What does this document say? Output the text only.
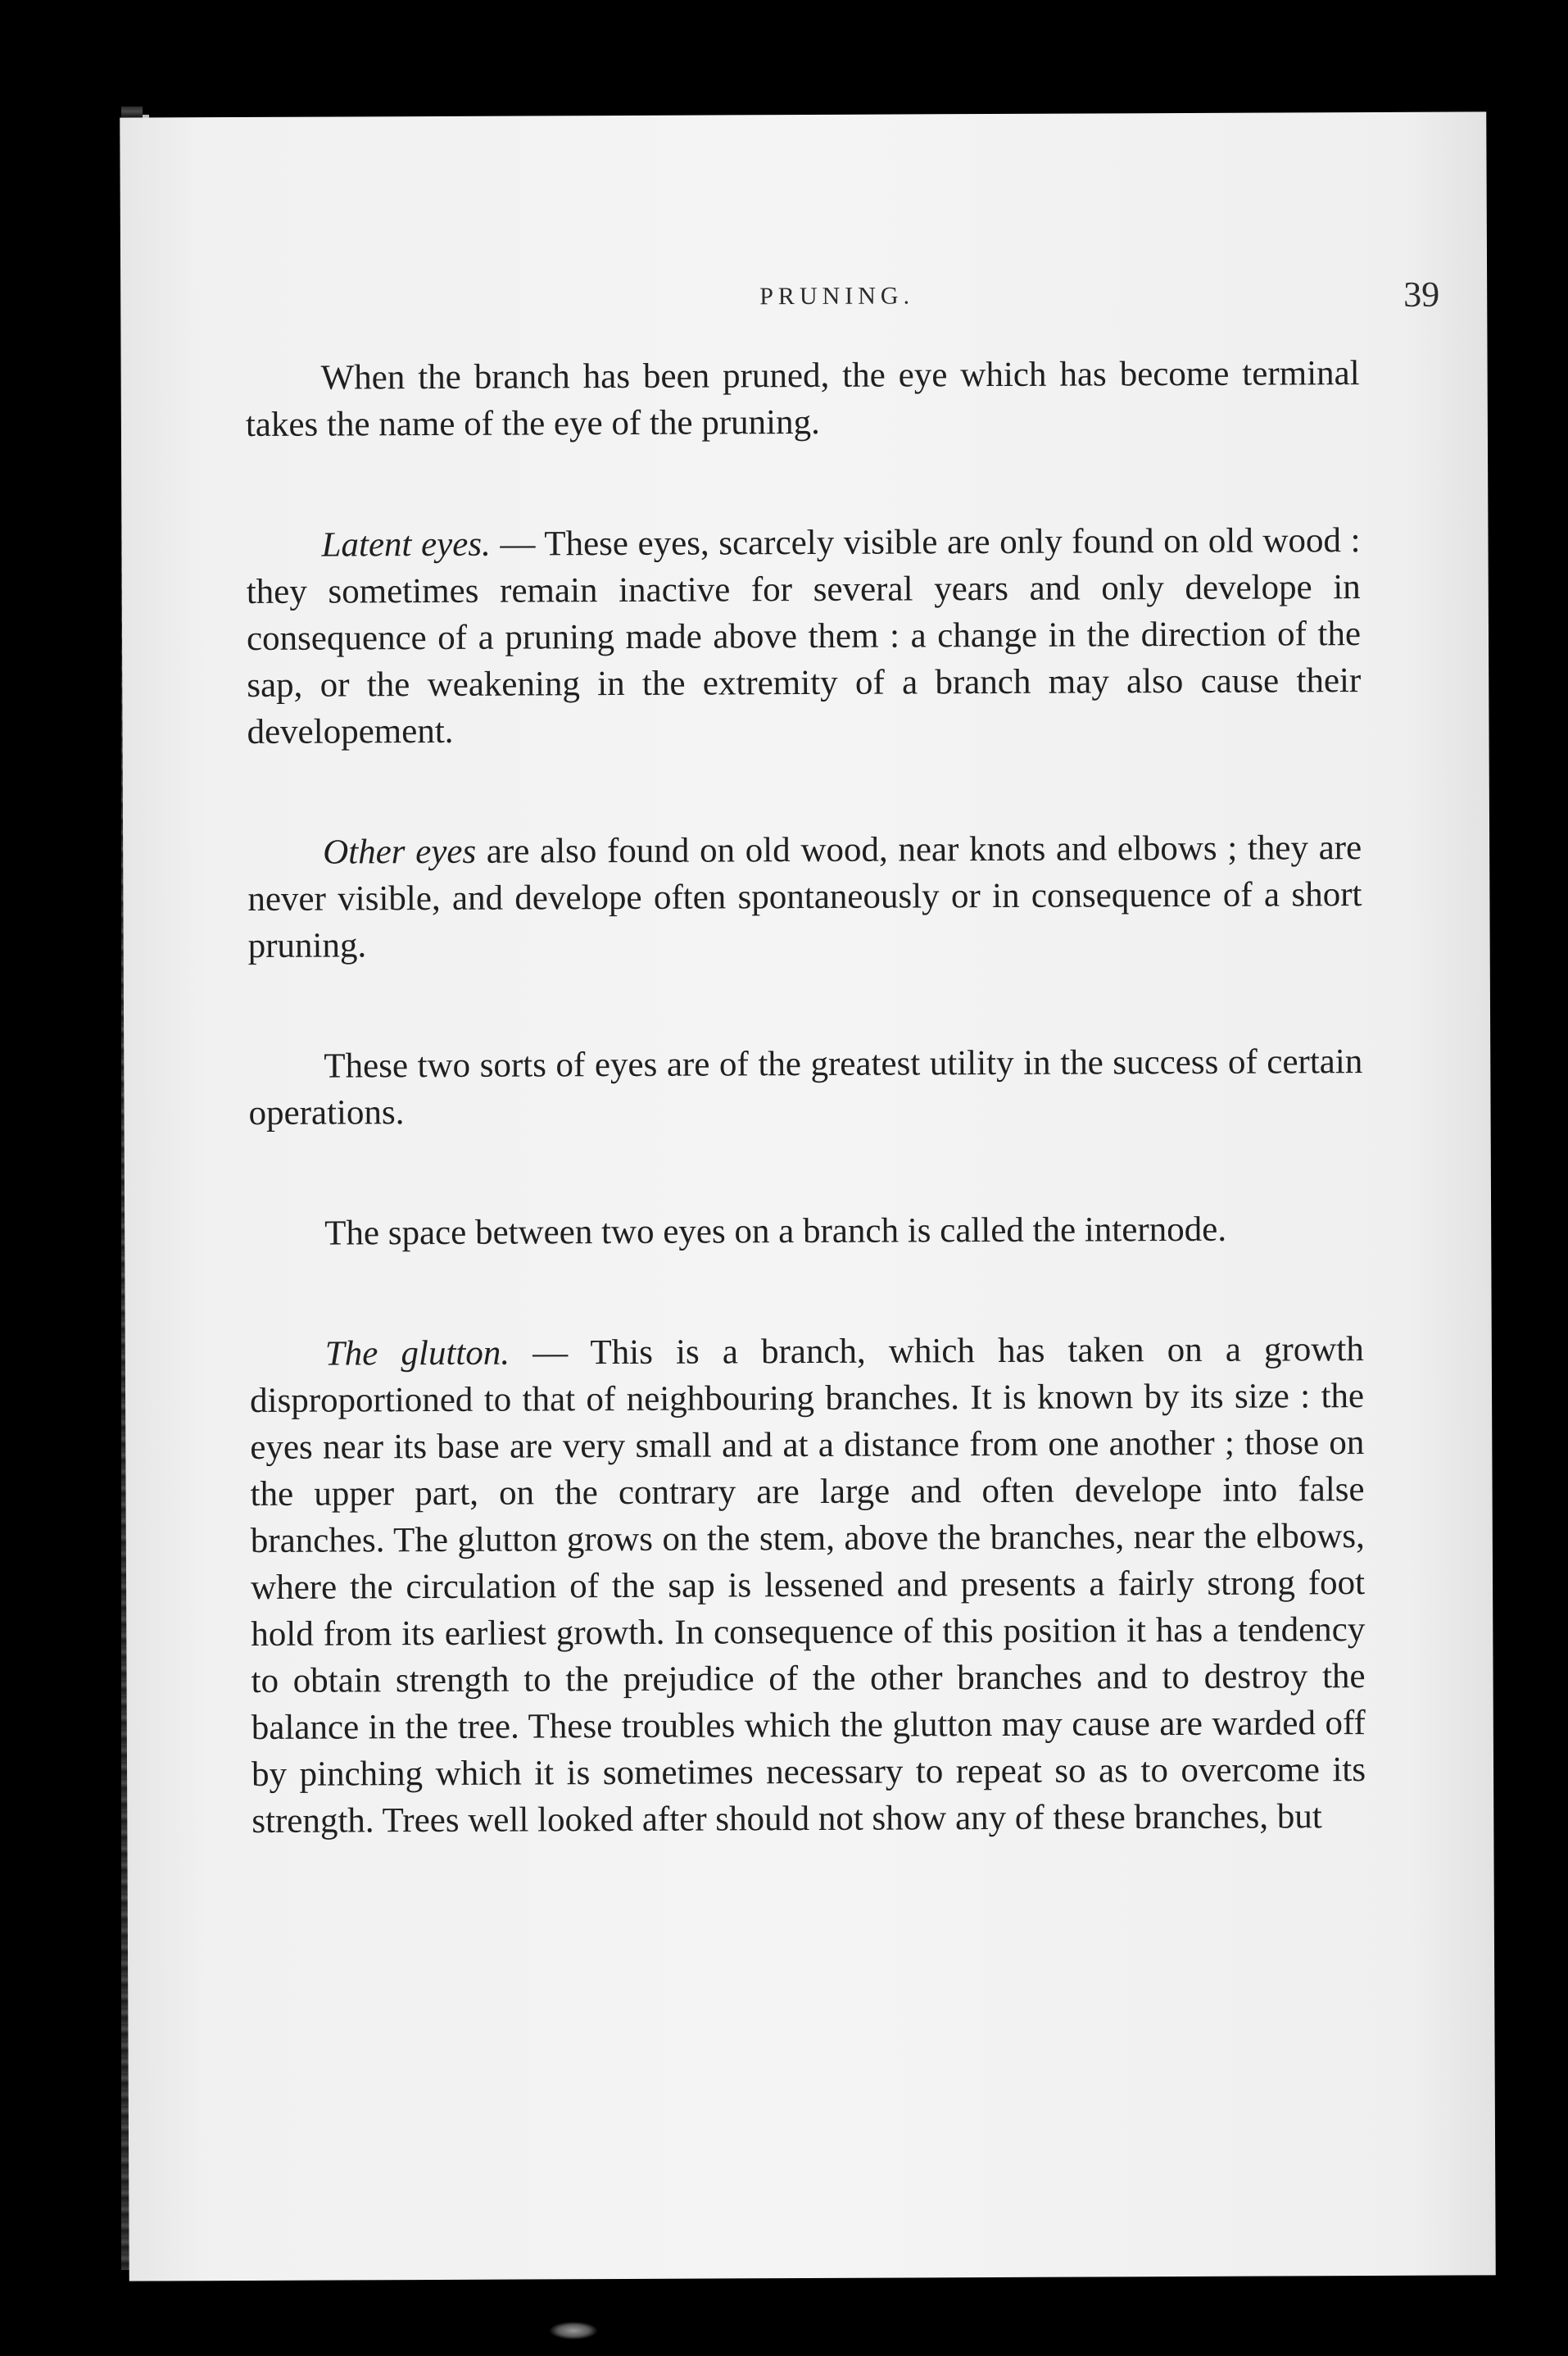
PRUNING.	39

When the branch has been pruned, the eye which has become terminal takes the name of the eye of the pruning.

Latent eyes. — These eyes, scarcely visible are only found on old wood : they sometimes remain inactive for several years and only develope in consequence of a pruning made above them : a change in the direction of the sap, or the weakening in the extremity of a branch may also cause their developement.

Other eyes are also found on old wood, near knots and elbows ; they are never visible, and develope often spontaneously or in consequence of a short pruning.

These two sorts of eyes are of the greatest utility in the success of certain operations.

The space between two eyes on a branch is called the internode.

The glutton. — This is a branch, which has taken on a growth disproportioned to that of neighbouring branches. It is known by its size : the eyes near its base are very small and at a distance from one another ; those on the upper part, on the contrary are large and often develope into false branches. The glutton grows on the stem, above the branches, near the elbows, where the circulation of the sap is lessened and presents a fairly strong foot hold from its earliest growth. In consequence of this position it has a tendency to obtain strength to the prejudice of the other branches and to destroy the balance in the tree. These troubles which the glutton may cause are warded off by pinching which it is sometimes necessary to repeat so as to overcome its strength. Trees well looked after should not show any of these branches, but
